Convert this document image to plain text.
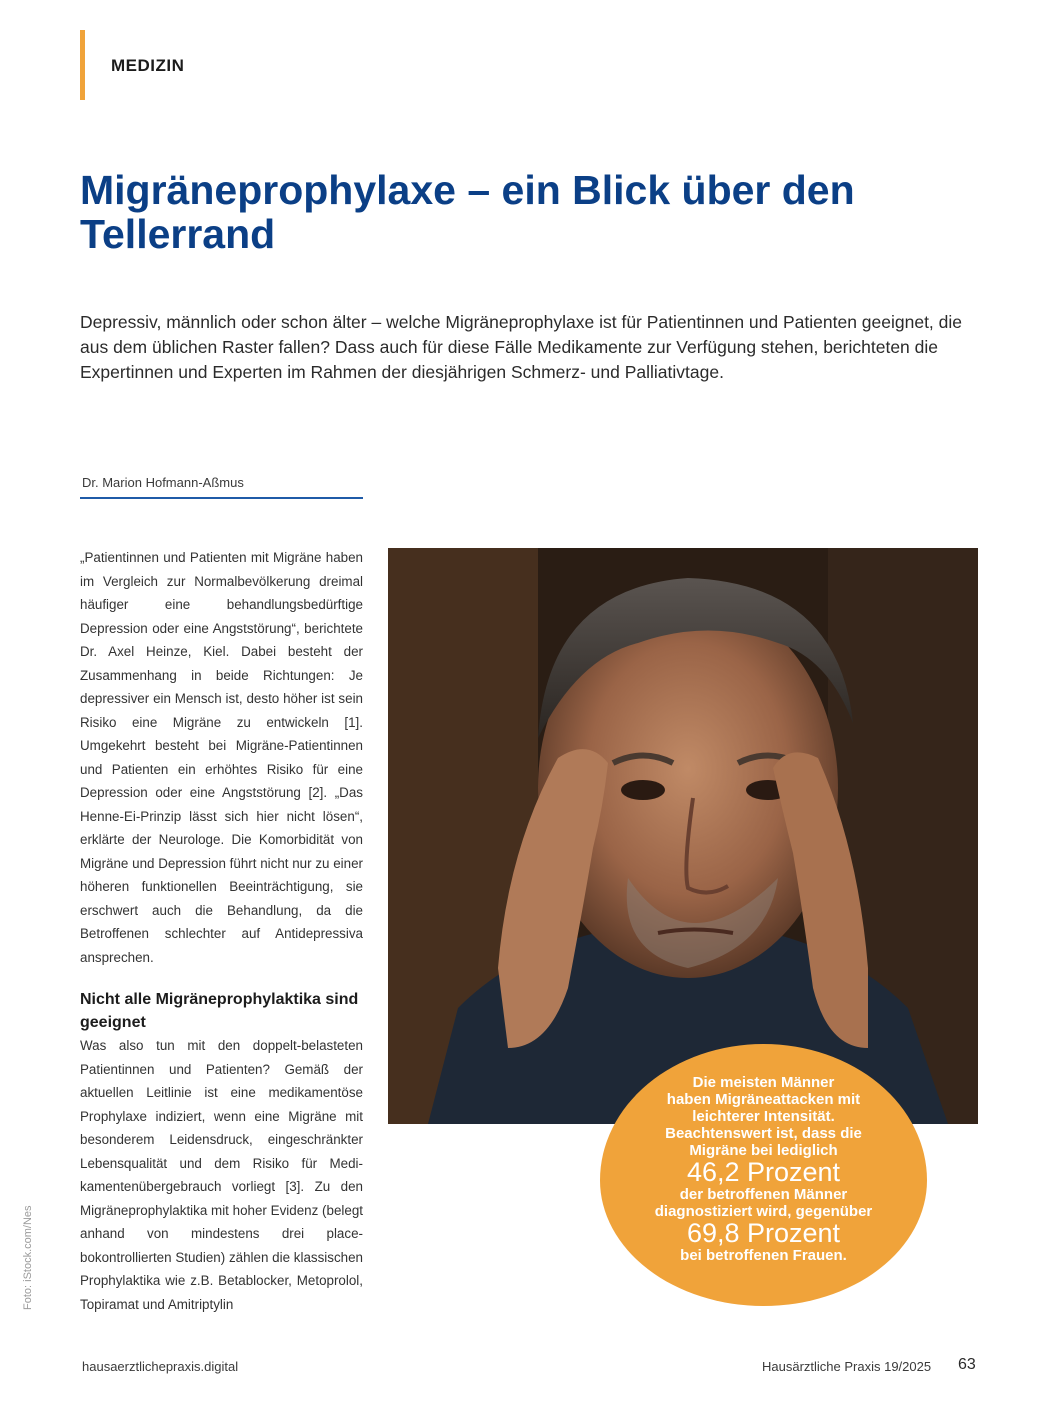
MEDIZIN
Migräneprophylaxe – ein Blick über den Tellerrand

Depressiv, männlich oder schon älter – welche Migräneprophylaxe ist für Patientinnen und Patienten geeignet, die aus dem üblichen Raster fallen? Dass auch für diese Fälle Medikamente zur Verfügung stehen, berichteten die Expertinnen und Experten im Rahmen der diesjährigen Schmerz- und Palliativtage.

Dr. Marion Hofmann-Aßmus

„Patientinnen und Patienten mit Migräne haben im Vergleich zur Normalbevölkerung dreimal häufiger eine behandlungsbedürftige Depression oder eine Angststörung“, berichtete Dr. Axel Heinze, Kiel. Dabei besteht der Zusammenhang in beide Richtungen: Je depressiver ein Mensch ist, desto höher ist sein Risiko eine Migräne zu entwickeln [1]. Umgekehrt besteht bei Migräne-Patientinnen und Patienten ein erhöhtes Risiko für eine Depression oder eine Angststörung [2]. „Das Henne-Ei-Prinzip lässt sich hier nicht lösen“, erklärte der Neurologe. Die Komorbidität von Migräne und Depression führt nicht nur zu einer höheren funktionellen Beeinträchtigung, sie erschwert auch die Behandlung, da die Betroffenen schlechter auf Antidepressiva ansprechen.

Nicht alle Migräneprophylaktika sind geeignet

Was also tun mit den doppelt-belasteten Patientinnen und Patienten? Gemäß der aktuellen Leitlinie ist eine medikamentöse Prophylaxe indiziert, wenn eine Migräne mit besonderem Leidensdruck, eingeschränkter Lebensqualität und dem Risiko für Medikamentenübergebrauch vorliegt [3]. Zu den Migräneprophylaktika mit hoher Evidenz (belegt anhand von mindestens drei placebokontrollierten Studien) zählen die klassischen Prophylaktika wie z.B. Betablocker, Metoprolol, Topiramat und Amitriptylin

Die meisten Männer
haben Migräneattacken mit
leichterer Intensität.
Beachtenswert ist, dass die
Migräne bei lediglich
46,2 Prozent
der betroffenen Männer
diagnostiziert wird, gegenüber
69,8 Prozent
bei betroffenen Frauen.
Foto: iStock.com/Nes
hausaerztlichepraxis.digital	Hausärztliche Praxis 19/2025 63
